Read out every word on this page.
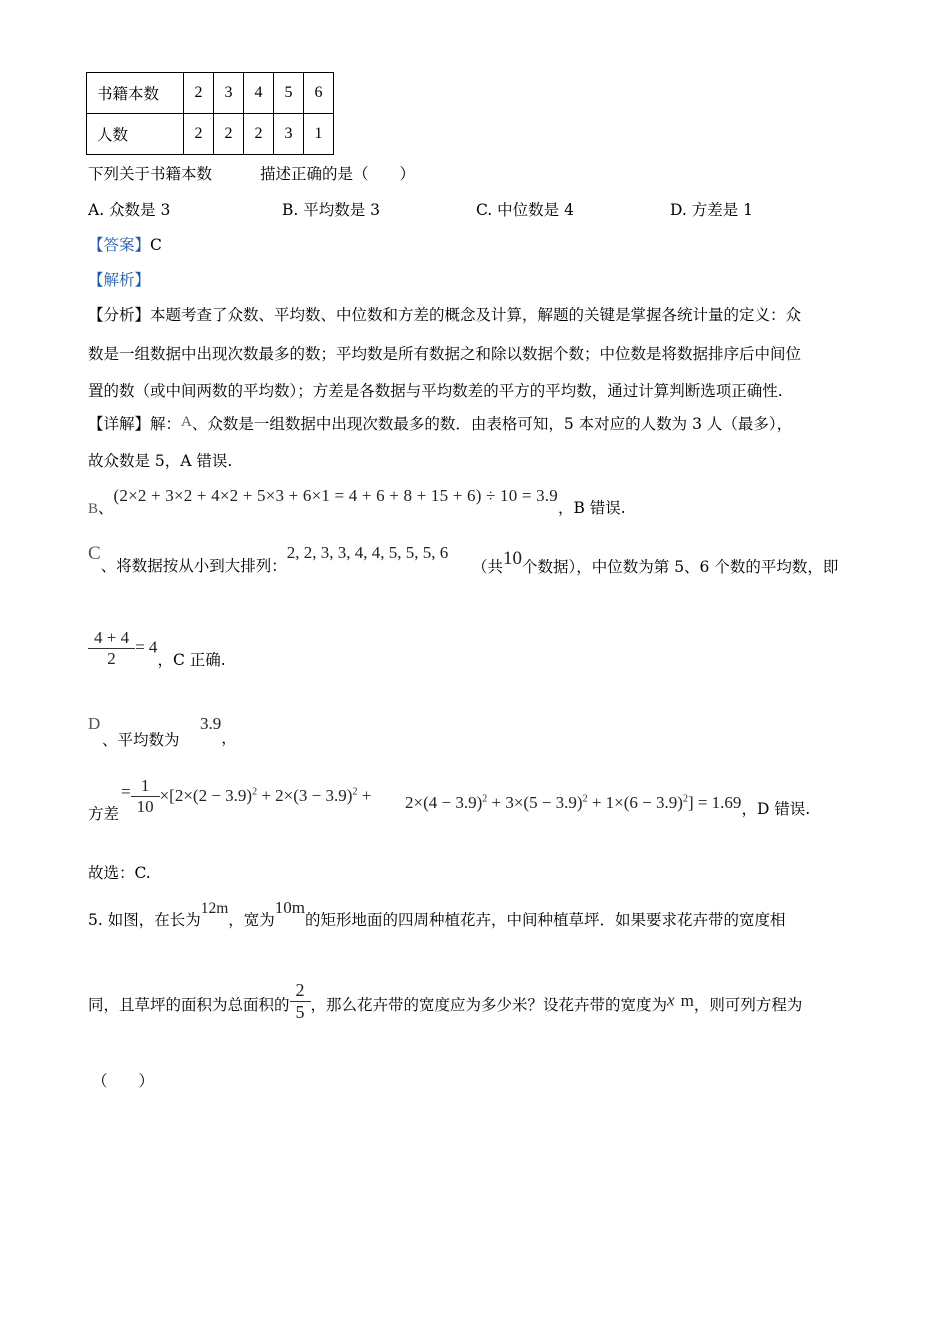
书籍本数	2	3	4	5	6
人数	2	2	2	3	1
下列关于书籍本数	描述正确的是（　　）
A. 众数是 3	B. 平均数是 3	C. 中位数是 4	D. 方差是 1
【答案】C
【解析】
【分析】本题考查了众数、平均数、中位数和方差的概念及计算，解题的关键是掌握各统计量的定义：众
数是一组数据中出现次数最多的数；平均数是所有数据之和除以数据个数；中位数是将数据排序后中间位
置的数（或中间两数的平均数）；方差是各数据与平均数差的平方的平均数，通过计算判断选项正确性.
【详解】解：A、众数是一组数据中出现次数最多的数．由表格可知，5 本对应的人数为 3 人（最多），
故众数是 5，A 错误.
B、(2×2 + 3×2 + 4×2 + 5×3 + 6×1 = 4 + 6 + 8 + 15 + 6) ÷ 10 = 3.9，B 错误.
C、将数据按从小到大排列：2, 2, 3, 3, 4, 4, 5, 5, 5, 6
（共10个数据），中位数为第 5、6 个数的平均数，即
$\frac{4 + 4}{2} = 4$，C 正确.
D
、平均数为
3.9，
方差
= $\frac{1}{10} \times[2\times(2 - 3.9)^2 + 2\times(3 - 3.9)^2 + 2\times(4 - 3.9)^2 + 3\times(5 - 3.9)^2 + 1\times(6 - 3.9)^2] = 1.69$，D 错误.
故选：C.
5. 如图，在长为12m，宽为10m的矩形地面的四周种植花卉，中间种植草坪．如果要求花卉带的宽度相
同，且草坪的面积为总面积的 $\frac{2}{5}$ ，那么花卉带的宽度应为多少米？设花卉带的宽度为x m，则可列方程为
（　　）
